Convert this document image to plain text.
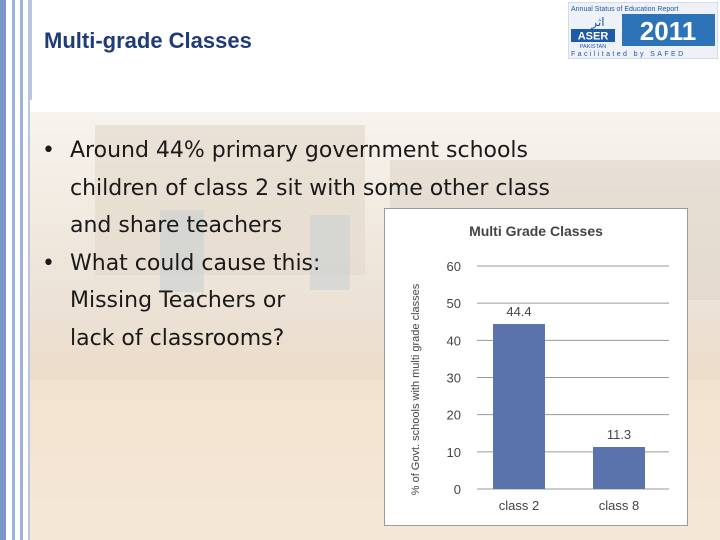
Multi-grade Classes
Annual Status of Education Report
اثر
ASER
PAKISTAN
2011
Facilitated by SAFED
• Around 44% primary government schools
children of class 2 sit with some other class
and share teachers
• What could cause this:
Missing Teachers or
lack of classrooms?
Multi Grade Classes
% of Govt. schools with multi grade classes 0
10
20
30
40
50
60
44.4
class 2
11.3
class 8
